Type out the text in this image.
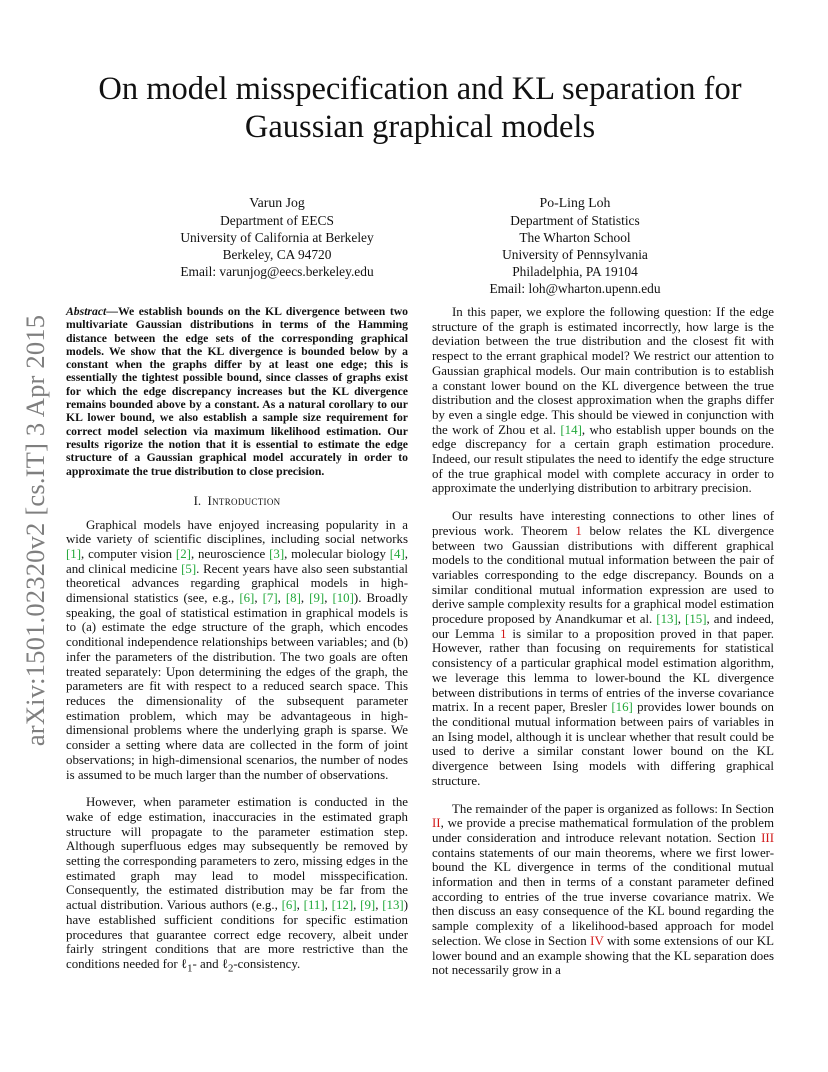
arXiv:1501.02320v2 [cs.IT] 3 Apr 2015
On model misspecification and KL separation for
Gaussian graphical models
Varun Jog
Department of EECS
University of California at Berkeley
Berkeley, CA 94720
Email: varunjog@eecs.berkeley.edu
Po-Ling Loh
Department of Statistics
The Wharton School
University of Pennsylvania
Philadelphia, PA 19104
Email: loh@wharton.upenn.edu
Abstract—We establish bounds on the KL divergence between two multivariate Gaussian distributions in terms of the Hamming distance between the edge sets of the corresponding graphical models. We show that the KL divergence is bounded below by a constant when the graphs differ by at least one edge; this is essentially the tightest possible bound, since classes of graphs exist for which the edge discrepancy increases but the KL divergence remains bounded above by a constant. As a natural corollary to our KL lower bound, we also establish a sample size requirement for correct model selection via maximum likelihood estimation. Our results rigorize the notion that it is essential to estimate the edge structure of a Gaussian graphical model accurately in order to approximate the true distribution to close precision.
I. Introduction

Graphical models have enjoyed increasing popularity in a wide variety of scientific disciplines, including social networks [1], computer vision [2], neuroscience [3], molecular biology [4], and clinical medicine [5]. Recent years have also seen substantial theoretical advances regarding graphical models in high-dimensional statistics (see, e.g., [6], [7], [8], [9], [10]). Broadly speaking, the goal of statistical estimation in graphical models is to (a) estimate the edge structure of the graph, which encodes conditional independence relationships between variables; and (b) infer the parameters of the distribution. The two goals are often treated separately: Upon determining the edges of the graph, the parameters are fit with respect to a reduced search space. This reduces the dimensionality of the subsequent parameter estimation problem, which may be advantageous in high-dimensional problems where the underlying graph is sparse. We consider a setting where data are collected in the form of joint observations; in high-dimensional scenarios, the number of nodes is assumed to be much larger than the number of observations.

However, when parameter estimation is conducted in the wake of edge estimation, inaccuracies in the estimated graph structure will propagate to the parameter estimation step. Although superfluous edges may subsequently be removed by setting the corresponding parameters to zero, missing edges in the estimated graph may lead to model misspecification. Consequently, the estimated distribution may be far from the actual distribution. Various authors (e.g., [6], [11], [12], [9], [13]) have established sufficient conditions for specific estimation procedures that guarantee correct edge recovery, albeit under fairly stringent conditions that are more restrictive than the conditions needed for ℓ$_1$- and ℓ$_2$-consistency.

In this paper, we explore the following question: If the edge structure of the graph is estimated incorrectly, how large is the deviation between the true distribution and the closest fit with respect to the errant graphical model? We restrict our attention to Gaussian graphical models. Our main contribution is to establish a constant lower bound on the KL divergence between the true distribution and the closest approximation when the graphs differ by even a single edge. This should be viewed in conjunction with the work of Zhou et al. [14], who establish upper bounds on the edge discrepancy for a certain graph estimation procedure. Indeed, our result stipulates the need to identify the edge structure of the true graphical model with complete accuracy in order to approximate the underlying distribution to arbitrary precision.

Our results have interesting connections to other lines of previous work. Theorem 1 below relates the KL divergence between two Gaussian distributions with different graphical models to the conditional mutual information between the pair of variables corresponding to the edge discrepancy. Bounds on a similar conditional mutual information expression are used to derive sample complexity results for a graphical model estimation procedure proposed by Anandkumar et al. [13], [15], and indeed, our Lemma 1 is similar to a proposition proved in that paper. However, rather than focusing on requirements for statistical consistency of a particular graphical model estimation algorithm, we leverage this lemma to lower-bound the KL divergence between distributions in terms of entries of the inverse covariance matrix. In a recent paper, Bresler [16] provides lower bounds on the conditional mutual information between pairs of variables in an Ising model, although it is unclear whether that result could be used to derive a similar constant lower bound on the KL divergence between Ising models with differing graphical structure.

The remainder of the paper is organized as follows: In Section II, we provide a precise mathematical formulation of the problem under consideration and introduce relevant notation. Section III contains statements of our main theorems, where we first lower-bound the KL divergence in terms of the conditional mutual information and then in terms of a constant parameter defined according to entries of the true inverse covariance matrix. We then discuss an easy consequence of the KL bound regarding the sample complexity of a likelihood-based approach for model selection. We close in Section IV with some extensions of our KL lower bound and an example showing that the KL separation does not necessarily grow in a
